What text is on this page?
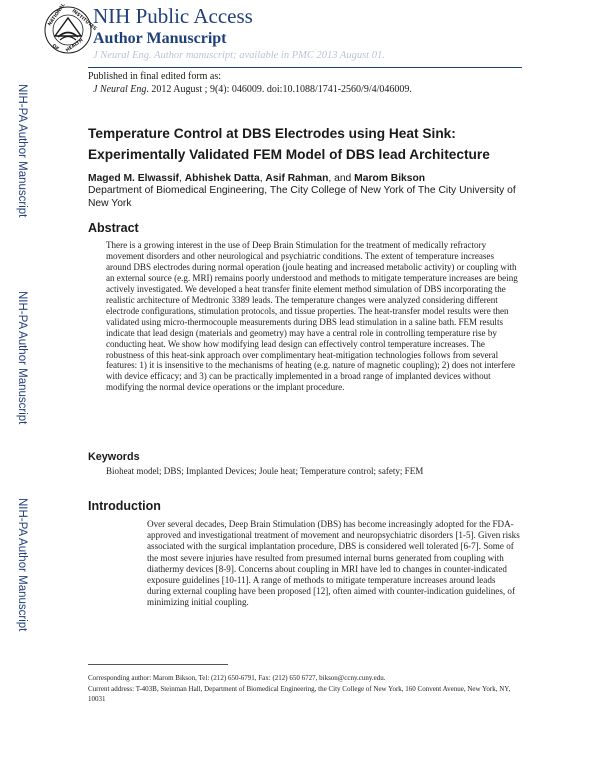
NATIONAL INSTITUTES
OF HEALTH
NIH Public Access
Author Manuscript
J Neural Eng. Author manuscript; available in PMC 2013 August 01.
Published in final edited form as:
J Neural Eng. 2012 August ; 9(4): 046009. doi:10.1088/1741-2560/9/4/046009.
NIH-PA Author Manuscript
NIH-PA Author Manuscript
NIH-PA Author Manuscript
Temperature Control at DBS Electrodes using Heat Sink:
Experimentally Validated FEM Model of DBS lead Architecture
Maged M. Elwassif, Abhishek Datta, Asif Rahman, and Marom Bikson
Department of Biomedical Engineering, The City College of New York of The City University of New York
Abstract
There is a growing interest in the use of Deep Brain Stimulation for the treatment of medically refractory movement disorders and other neurological and psychiatric conditions. The extent of temperature increases around DBS electrodes during normal operation (joule heating and increased metabolic activity) or coupling with an external source (e.g. MRI) remains poorly understood and methods to mitigate temperature increases are being actively investigated. We developed a heat transfer finite element method simulation of DBS incorporating the realistic architecture of Medtronic 3389 leads. The temperature changes were analyzed considering different electrode configurations, stimulation protocols, and tissue properties. The heat-transfer model results were then validated using micro-thermocouple measurements during DBS lead stimulation in a saline bath. FEM results indicate that lead design (materials and geometry) may have a central role in controlling temperature rise by conducting heat. We show how modifying lead design can effectively control temperature increases. The robustness of this heat-sink approach over complimentary heat-mitigation technologies follows from several features: 1) it is insensitive to the mechanisms of heating (e.g. nature of magnetic coupling); 2) does not interfere with device efficacy; and 3) can be practically implemented in a broad range of implanted devices without modifying the normal device operations or the implant procedure.
Keywords
Bioheat model; DBS; Implanted Devices; Joule heat; Temperature control; safety; FEM
Introduction
Over several decades, Deep Brain Stimulation (DBS) has become increasingly adopted for the FDA-approved and investigational treatment of movement and neuropsychiatric disorders [1-5]. Given risks associated with the surgical implantation procedure, DBS is considered well tolerated [6-7]. Some of the most severe injuries have resulted from presumed internal burns generated from coupling with diathermy devices [8-9]. Concerns about coupling in MRI have led to changes in counter-indicated exposure guidelines [10-11]. A range of methods to mitigate temperature increases around leads during external coupling have been proposed [12], often aimed with counter-indication guidelines, of minimizing initial coupling.
Corresponding author: Marom Bikson, Tel: (212) 650-6791, Fax: (212) 650 6727, bikson@ccny.cuny.edu.
Current address: T-403B, Steinman Hall, Department of Biomedical Engineering, the City College of New York, 160 Convent Avenue, New York, NY, 10031
